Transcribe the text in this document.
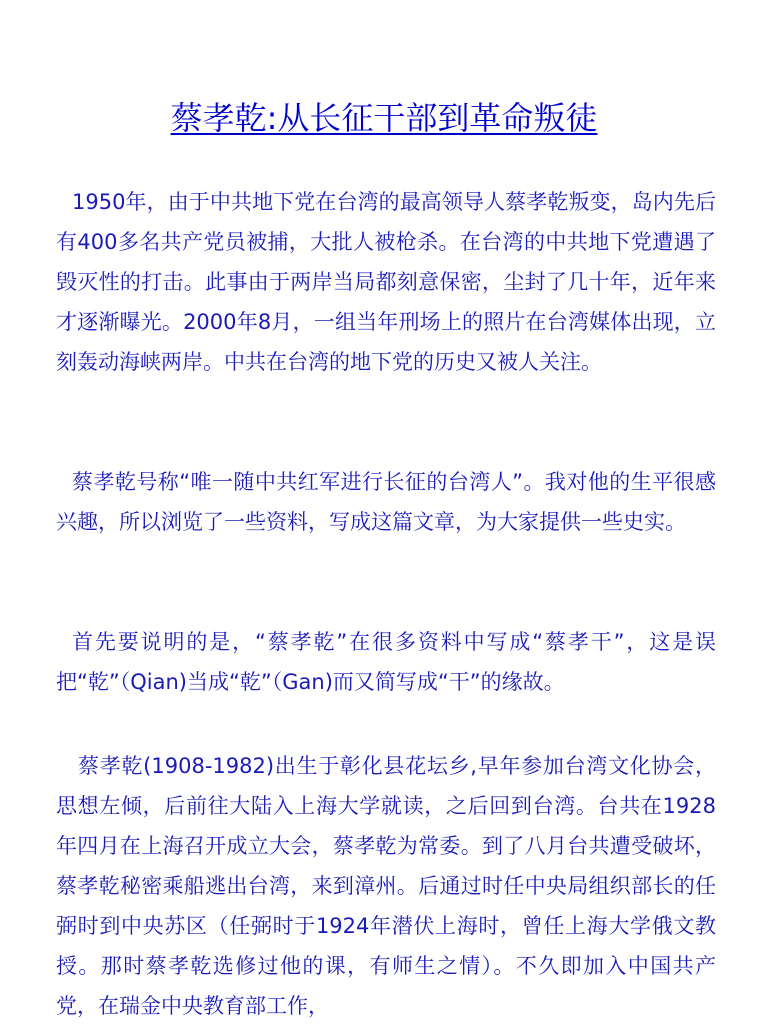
蔡孝乾:从长征干部到革命叛徒

1950年，由于中共地下党在台湾的最高领导人蔡孝乾叛变，岛内先后有400多名共产党员被捕，大批人被枪杀。在台湾的中共地下党遭遇了毁灭性的打击。此事由于两岸当局都刻意保密，尘封了几十年，近年来才逐渐曝光。2000年8月，一组当年刑场上的照片在台湾媒体出现，立刻轰动海峡两岸。中共在台湾的地下党的历史又被人关注。

蔡孝乾号称“唯一随中共红军进行长征的台湾人”。我对他的生平很感兴趣，所以浏览了一些资料，写成这篇文章，为大家提供一些史实。

首先要说明的是，“蔡孝乾”在很多资料中写成“蔡孝干”，这是误把“乾”（Qian)当成“乾”（Gan)而又简写成“干”的缘故。

蔡孝乾(1908-1982)出生于彰化县花坛乡,早年参加台湾文化协会，思想左倾，后前往大陆入上海大学就读，之后回到台湾。台共在1928年四月在上海召开成立大会，蔡孝乾为常委。到了八月台共遭受破坏，蔡孝乾秘密乘船逃出台湾，来到漳州。后通过时任中央局组织部长的任弼时到中央苏区（任弼时于1924年潜伏上海时，曾任上海大学俄文教授。那时蔡孝乾选修过他的课，有师生之情）。不久即加入中国共产党，在瑞金中央教育部工作，
